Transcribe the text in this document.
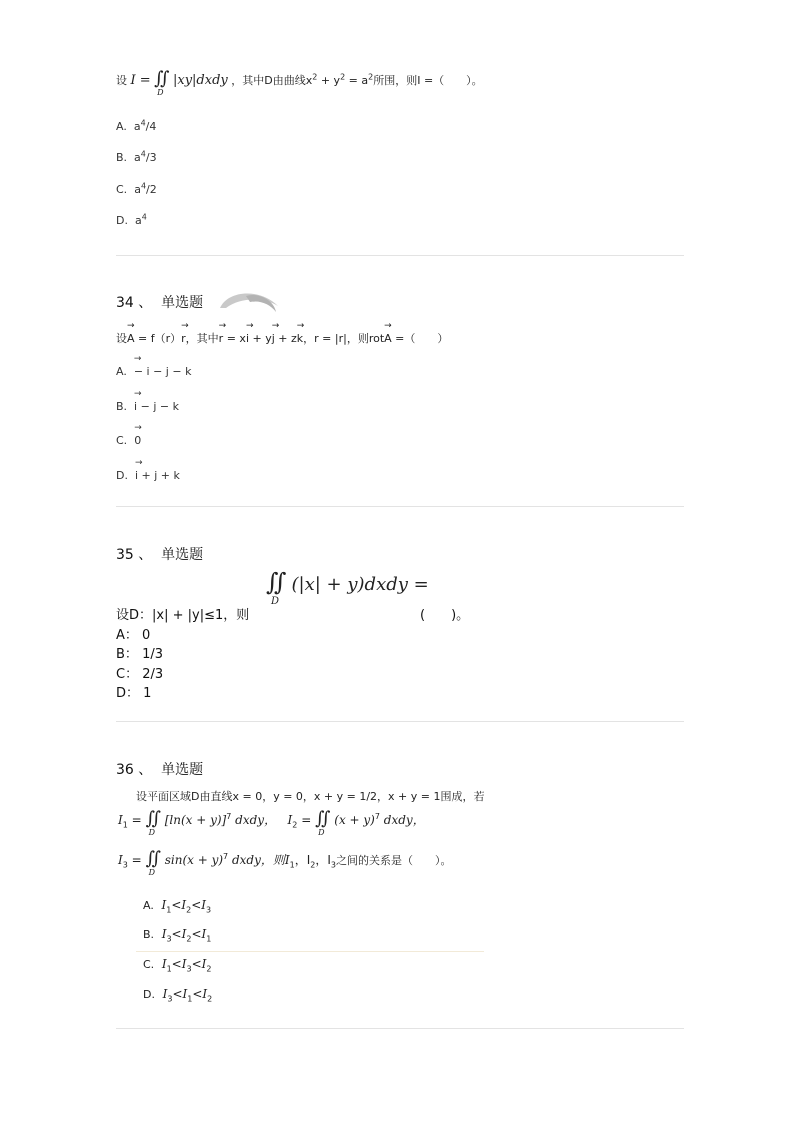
设 I = ∬
D
|xy|dxdy ，其中D由曲线$x^2 + y^2 = a^2$所围，则I =（　　）。
A. $a^4/4$
B. $a^4/3$
C. $a^4/2$
D. $a^4$
34 、 单选题
设→ A = f（r）→ r，其中→ r = x→ i + y→ j + z→ k，r = |r|，则rot→ A =（　　）
A. → − i − j − k
B. → i − j − k
C. → 0
D. → i + j + k
35 、 单选题
∬
D
(|x| + y)dxdy =
设D：|x| + |y|≤1，则	(　　)。
A： 0
B： 1/3
C： 2/3
D： 1
36 、 单选题
设平面区域D由直线x = 0，y = 0，x + y = 1/2，x + y = 1围成，若
$I_1$ = ∬
D
$[\ln(x + y)]^7$ dxdy， $I_2$ = ∬
D
$(x + y)^7$ dxdy，
$I_3$ = ∬
D
$\sin(x + y)^7$ dxdy，则$I_1$，$I_2$，$I_3$之间的关系是（　　）。
A. $I_1<I_2<I_3$
B. $I_3<I_2<I_1$
C. $I_1<I_3<I_2$
D. $I_3<I_1<I_2$
